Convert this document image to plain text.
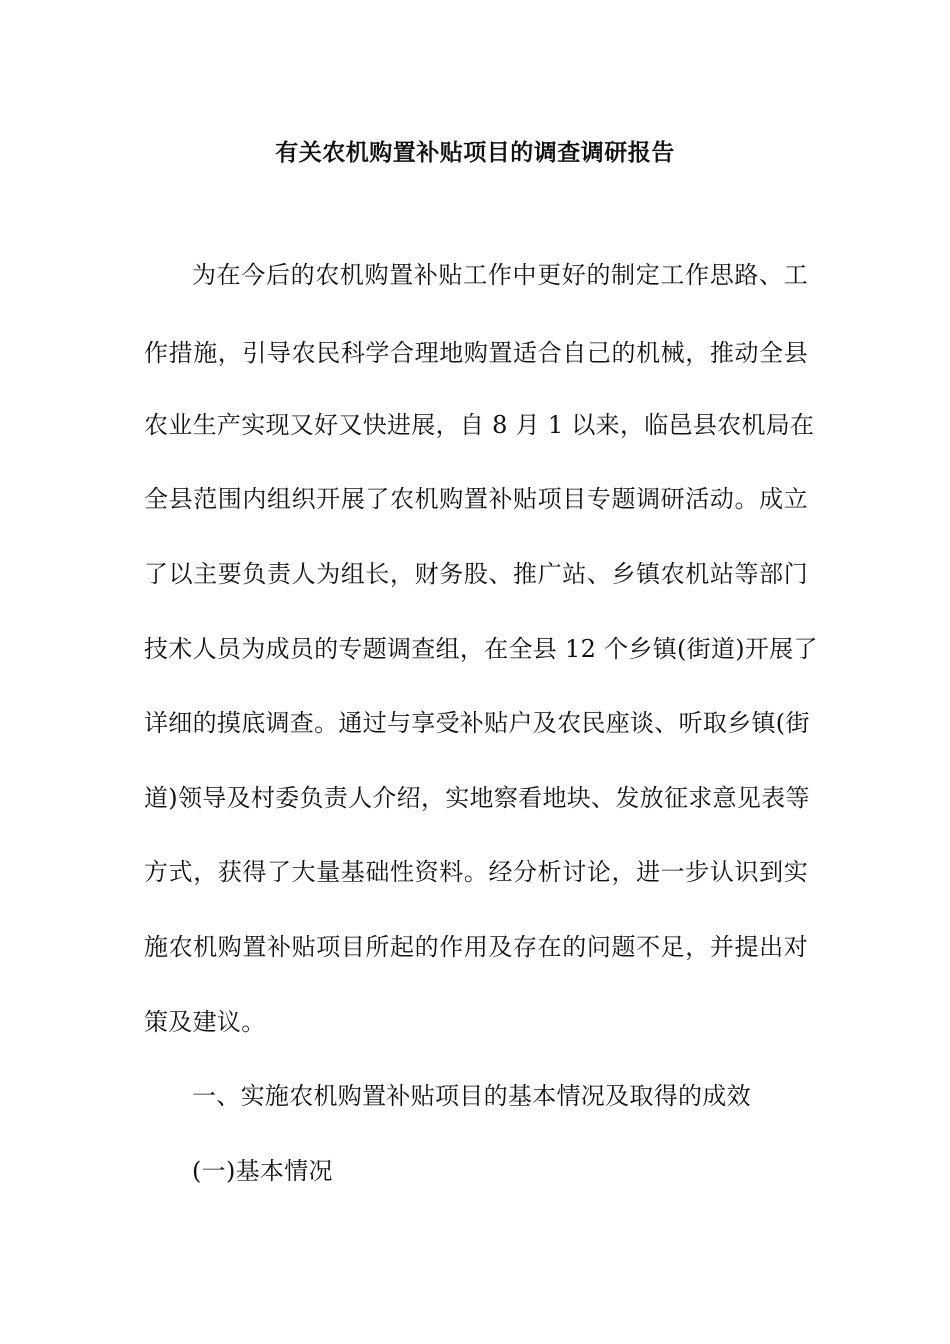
有关农机购置补贴项目的调查调研报告
为在今后的农机购置补贴工作中更好的制定工作思路、工
作措施，引导农民科学合理地购置适合自己的机械，推动全县
农业生产实现又好又快进展，自 8 月 1 以来，临邑县农机局在
全县范围内组织开展了农机购置补贴项目专题调研活动。成立
了以主要负责人为组长，财务股、推广站、乡镇农机站等部门
技术人员为成员的专题调查组，在全县 12 个乡镇(街道)开展了
详细的摸底调查。通过与享受补贴户及农民座谈、听取乡镇(街
道)领导及村委负责人介绍，实地察看地块、发放征求意见表等
方式，获得了大量基础性资料。经分析讨论，进一步认识到实
施农机购置补贴项目所起的作用及存在的问题不足，并提出对
策及建议。
一、实施农机购置补贴项目的基本情况及取得的成效
(一)基本情况
